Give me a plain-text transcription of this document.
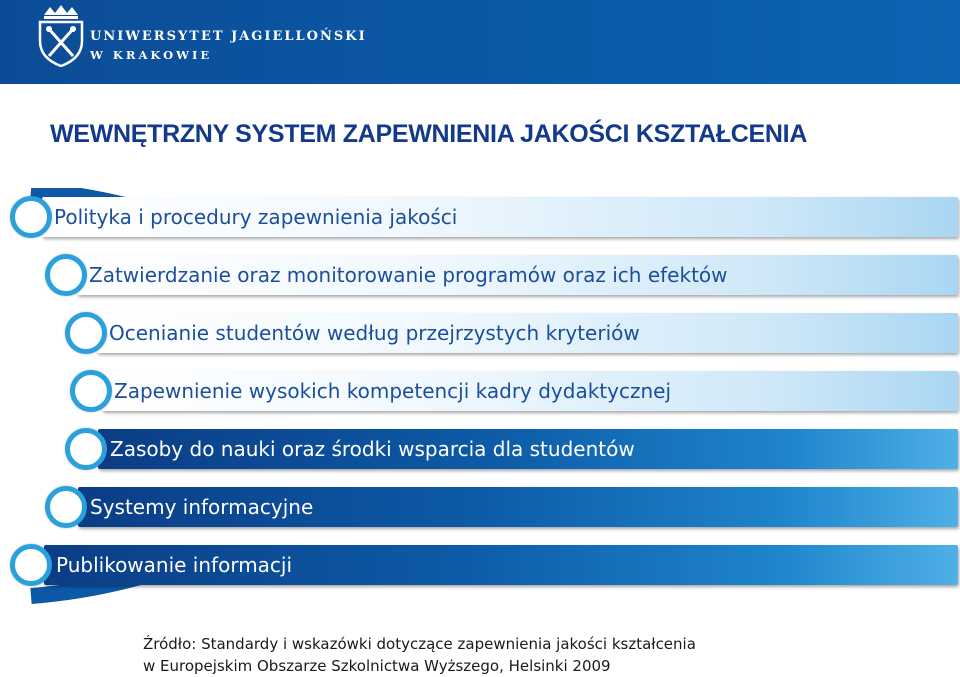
UNIWERSYTET JAGIELLOŃSKI
W KRAKOWIE
WEWNĘTRZNY SYSTEM ZAPEWNIENIA JAKOŚCI KSZTAŁCENIA
Polityka i procedury zapewnienia jakości
Zatwierdzanie oraz monitorowanie programów oraz ich efektów
Ocenianie studentów według przejrzystych kryteriów
Zapewnienie wysokich kompetencji kadry dydaktycznej
Zasoby do nauki oraz środki wsparcia dla studentów
Systemy informacyjne
Publikowanie informacji
Źródło: Standardy i wskazówki dotyczące zapewnienia jakości kształcenia
w Europejskim Obszarze Szkolnictwa Wyższego, Helsinki 2009
